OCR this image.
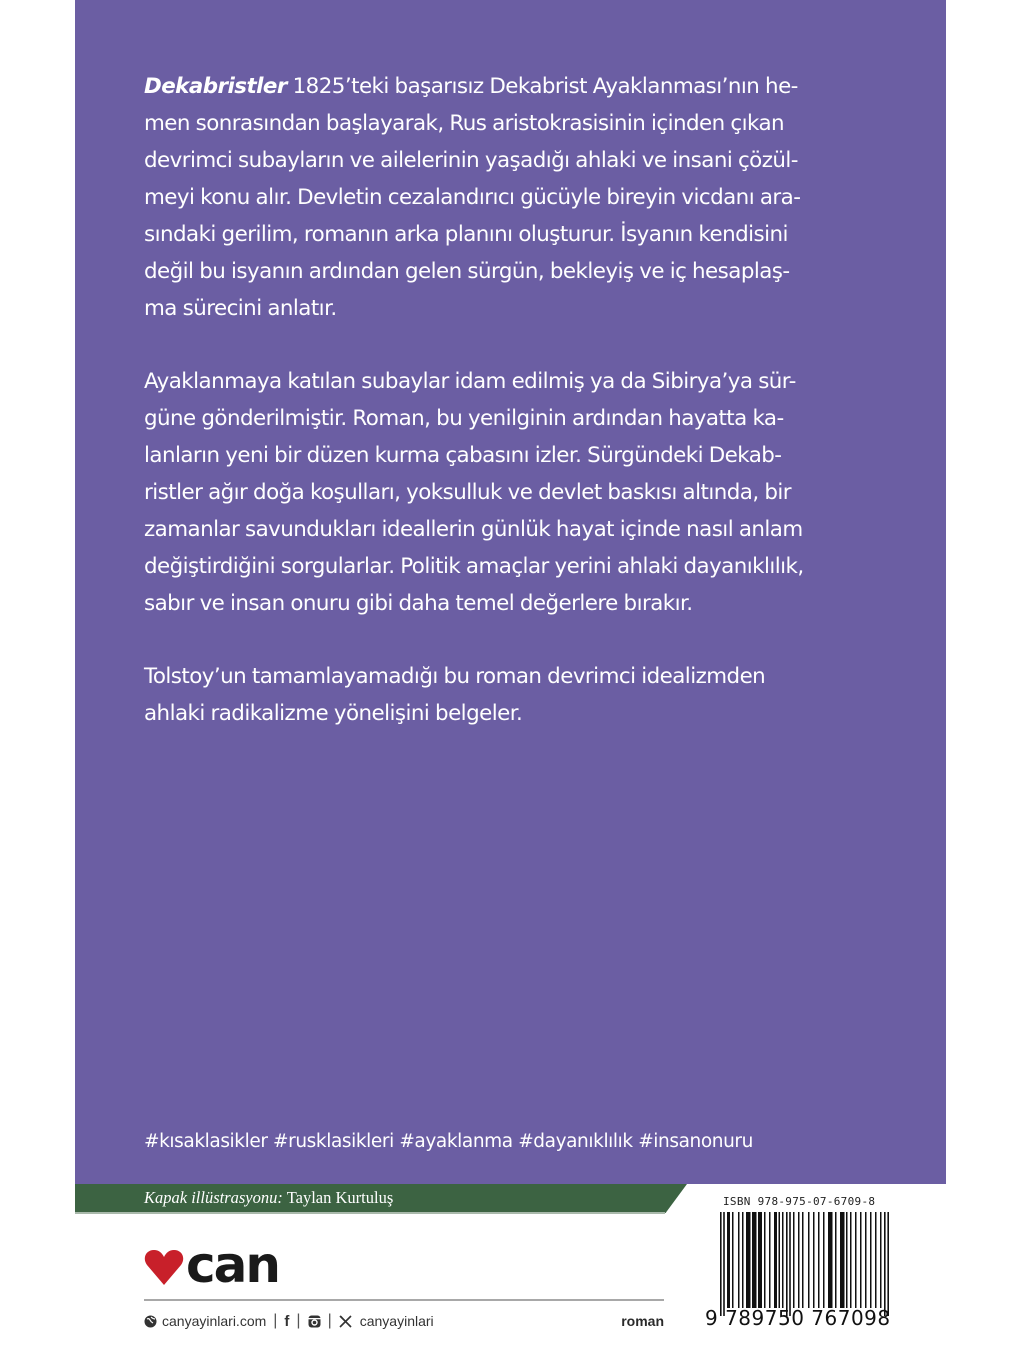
Dekabristler 1825’teki başarısız Dekabrist Ayaklanması’nın he-
men sonrasından başlayarak, Rus aristokrasisinin içinden çıkan
devrimci subayların ve ailelerinin yaşadığı ahlaki ve insani çözül-
meyi konu alır. Devletin cezalandırıcı gücüyle bireyin vicdanı ara-
sındaki gerilim, romanın arka planını oluşturur. İsyanın kendisini
değil bu isyanın ardından gelen sürgün, bekleyiş ve iç hesaplaş-
ma sürecini anlatır.

Ayaklanmaya katılan subaylar idam edilmiş ya da Sibirya’ya sür-
güne gönderilmiştir. Roman, bu yenilginin ardından hayatta ka-
lanların yeni bir düzen kurma çabasını izler. Sürgündeki Dekab-
ristler ağır doğa koşulları, yoksulluk ve devlet baskısı altında, bir
zamanlar savundukları ideallerin günlük hayat içinde nasıl anlam
değiştirdiğini sorgularlar. Politik amaçlar yerini ahlaki dayanıklılık,
sabır ve insan onuru gibi daha temel değerlere bırakır.

Tolstoy’un tamamlayamadığı bu roman devrimci idealizmden
ahlaki radikalizme yönelişini belgeler.

#kısaklasikler #rusklasikleri #ayaklanma #dayanıklılık #insanonuru
Kapak illüstrasyonu: Taylan Kurtuluş
can
canyayinlari.com | f | | canyayinlari	roman
ISBN 978-975-07-6709-8
9 789750 767098
